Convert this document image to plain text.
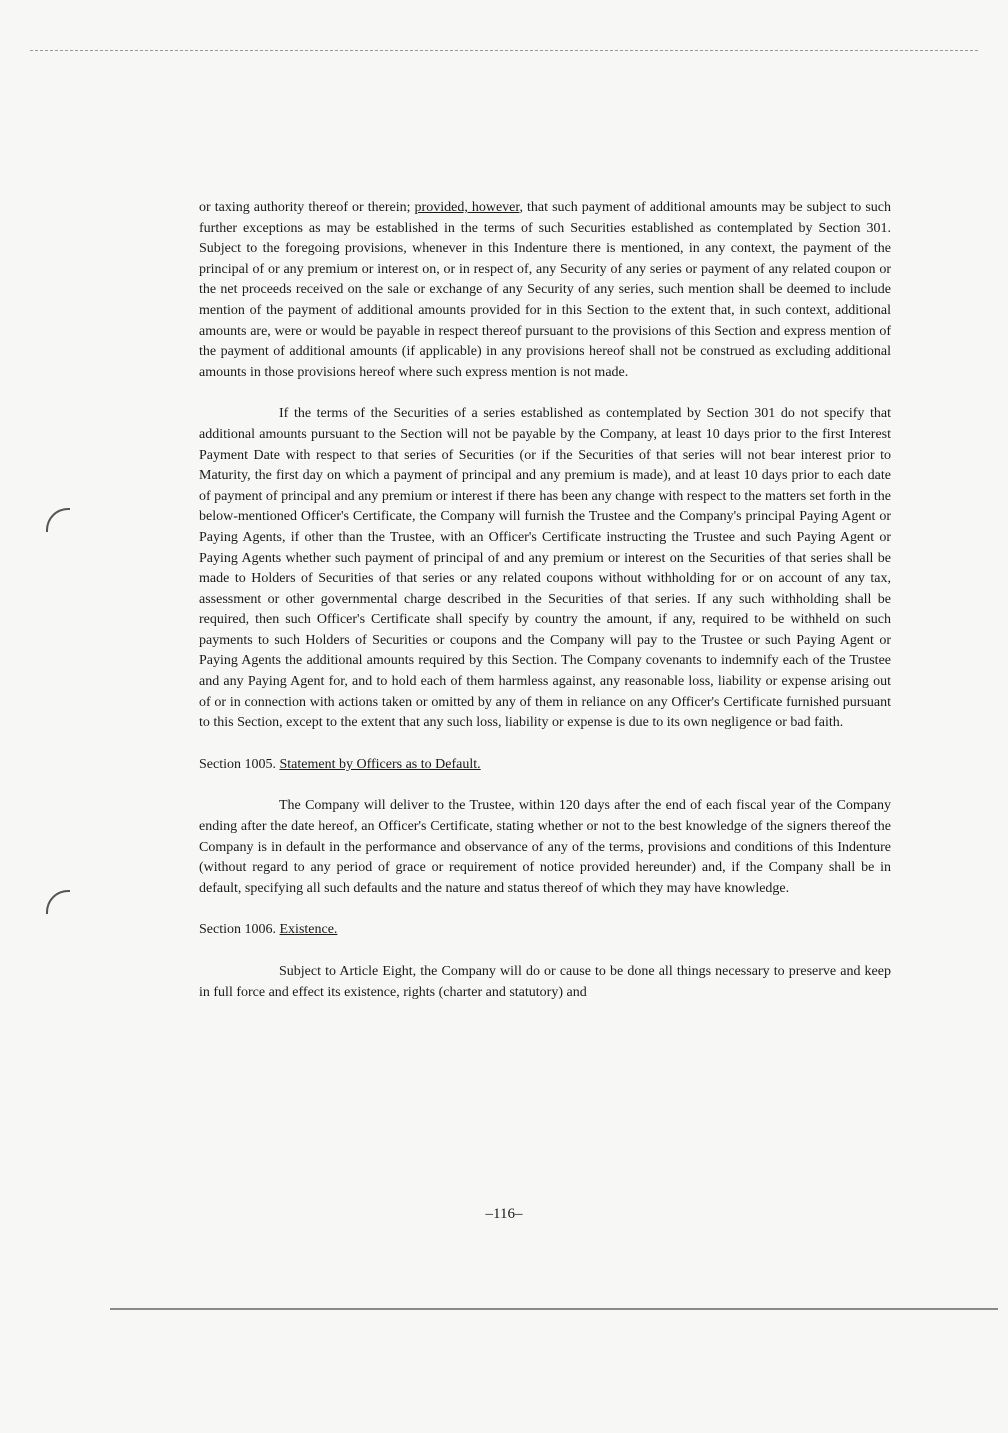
or taxing authority thereof or therein; provided, however, that such payment of additional amounts may be subject to such further exceptions as may be established in the terms of such Securities established as contemplated by Section 301. Subject to the foregoing provisions, whenever in this Indenture there is mentioned, in any context, the payment of the principal of or any premium or interest on, or in respect of, any Security of any series or payment of any related coupon or the net proceeds received on the sale or exchange of any Security of any series, such mention shall be deemed to include mention of the payment of additional amounts provided for in this Section to the extent that, in such context, additional amounts are, were or would be payable in respect thereof pursuant to the provisions of this Section and express mention of the payment of additional amounts (if applicable) in any provisions hereof shall not be construed as excluding additional amounts in those provisions hereof where such express mention is not made.

If the terms of the Securities of a series established as contemplated by Section 301 do not specify that additional amounts pursuant to the Section will not be payable by the Company, at least 10 days prior to the first Interest Payment Date with respect to that series of Securities (or if the Securities of that series will not bear interest prior to Maturity, the first day on which a payment of principal and any premium is made), and at least 10 days prior to each date of payment of principal and any premium or interest if there has been any change with respect to the matters set forth in the below-mentioned Officer's Certificate, the Company will furnish the Trustee and the Company's principal Paying Agent or Paying Agents, if other than the Trustee, with an Officer's Certificate instructing the Trustee and such Paying Agent or Paying Agents whether such payment of principal of and any premium or interest on the Securities of that series shall be made to Holders of Securities of that series or any related coupons without withholding for or on account of any tax, assessment or other governmental charge described in the Securities of that series. If any such withholding shall be required, then such Officer's Certificate shall specify by country the amount, if any, required to be withheld on such payments to such Holders of Securities or coupons and the Company will pay to the Trustee or such Paying Agent or Paying Agents the additional amounts required by this Section. The Company covenants to indemnify each of the Trustee and any Paying Agent for, and to hold each of them harmless against, any reasonable loss, liability or expense arising out of or in connection with actions taken or omitted by any of them in reliance on any Officer's Certificate furnished pursuant to this Section, except to the extent that any such loss, liability or expense is due to its own negligence or bad faith.

Section 1005. Statement by Officers as to Default.

The Company will deliver to the Trustee, within 120 days after the end of each fiscal year of the Company ending after the date hereof, an Officer's Certificate, stating whether or not to the best knowledge of the signers thereof the Company is in default in the performance and observance of any of the terms, provisions and conditions of this Indenture (without regard to any period of grace or requirement of notice provided hereunder) and, if the Company shall be in default, specifying all such defaults and the nature and status thereof of which they may have knowledge.

Section 1006. Existence.

Subject to Article Eight, the Company will do or cause to be done all things necessary to preserve and keep in full force and effect its existence, rights (charter and statutory) and

–116–
